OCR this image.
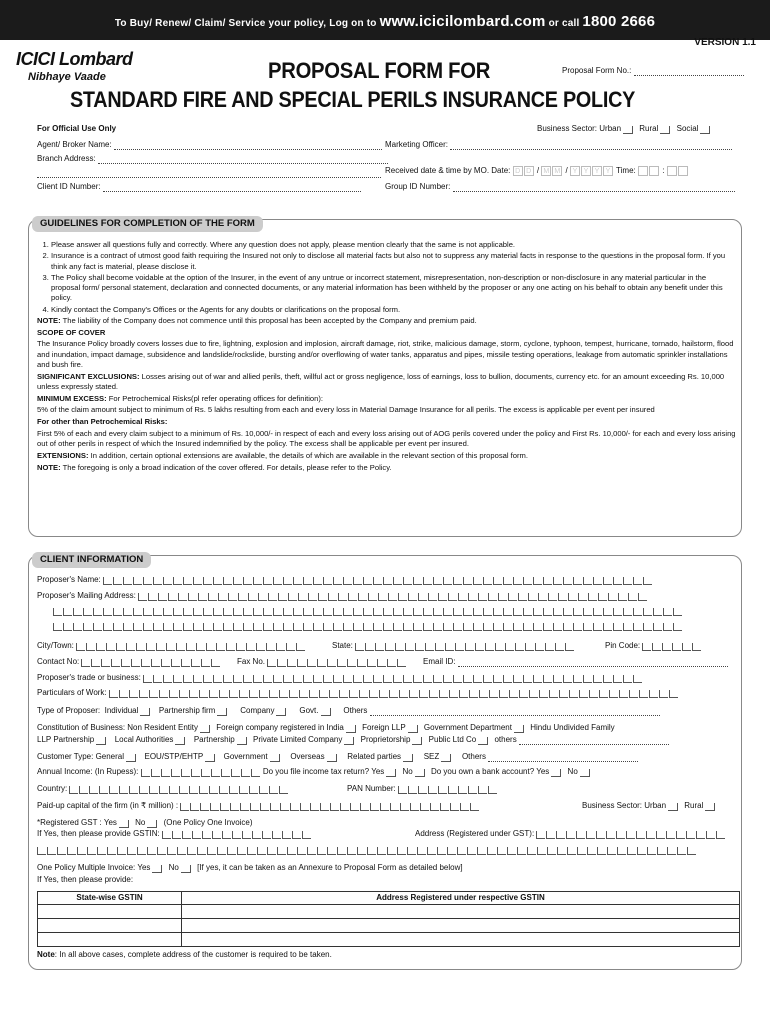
To Buy/ Renew/ Claim/ Service your policy, Log on to www.icicilombard.com or call 1800 2666
VERSION 1.1
ICICI Lombard
Nibhaye Vaade	PROPOSAL FORM FOR	Proposal Form No.:
STANDARD FIRE AND SPECIAL PERILS INSURANCE POLICY
For Official Use Only	Business Sector: Urban Rural Social
Agent/ Broker Name:	Marketing Officer:
Branch Address:
Received date & time by MO. Date: D D / M M / Y Y Y Y Time:	:
Client ID Number:	Group ID Number:
GUIDELINES FOR COMPLETION OF THE FORM
1. Please answer all questions fully and correctly. Where any question does not apply, please mention clearly that the same is not applicable.
2. Insurance is a contract of utmost good faith requiring the Insured not only to disclose all material facts but also not to suppress any material facts in response to the questions in the proposal form. If you think any fact is material, please disclose it.
3. The Policy shall become voidable at the option of the Insurer, in the event of any untrue or incorrect statement, misrepresentation, non-description or non-disclosure in any material particular in the proposal form/ personal statement, declaration and connected documents, or any material information has been withheld by the proposer or any one acting on his behalf to obtain any benefit under this policy.
4. Kindly contact the Company's Offices or the Agents for any doubts or clarifications on the proposal form.

NOTE: The liability of the Company does not commence until this proposal has been accepted by the Company and premium paid.

SCOPE OF COVER

The Insurance Policy broadly covers losses due to fire, lightning, explosion and implosion, aircraft damage, riot, strike, malicious damage, storm, cyclone, typhoon, tempest, hurricane, tornado, hailstorm, flood and inundation, impact damage, subsidence and landslide/rockslide, bursting and/or overflowing of water tanks, apparatus and pipes, missile testing operations, leakage from automatic sprinkler installations and bush fire.

SIGNIFICANT EXCLUSIONS: Losses arising out of war and allied perils, theft, willful act or gross negligence, loss of earnings, loss to bullion, documents, currency etc. for an amount exceeding Rs. 10,000 unless expressly stated.

MINIMUM EXCESS: For Petrochemical Risks(pl refer operating offices for definition):

5% of the claim amount subject to minimum of Rs. 5 lakhs resulting from each and every loss in Material Damage Insurance for all perils. The excess is applicable per event per insured

For other than Petrochemical Risks:

First 5% of each and every claim subject to a minimum of Rs. 10,000/- in respect of each and every loss arising out of AOG perils covered under the policy and First Rs. 10,000/- for each and every loss arising out of other perils in respect of which the Insured indemnified by the policy. The excess shall be applicable per event per insured.

EXTENSIONS: In addition, certain optional extensions are available, the details of which are available in the relevant section of this proposal form.

NOTE: The foregoing is only a broad indication of the cover offered. For details, please refer to the Policy.

CLIENT INFORMATION
Proposer's Name:
Proposer's Mailing Address:
City/Town:	State:	Pin Code:
Contact No:	Fax No.	Email ID:
Proposer's trade or business:
Particulars of Work:
Type of Proposer: Individual	Partnership firm	Company	Govt.	Others
Constitution of Business: Non Resident Entity Foreign company registered in India Foreign LLP Government Department Hindu Undivided Family
LLP Partnership	Local Authorities	Partnership Private Limited Company Proprietorship Public Ltd Co others
Customer Type: General	EOU/STP/EHTP	Government	Overseas	Related parties	SEZ	Others
Annual Income: (In Rupess):	Do you file income tax return? Yes No Do you own a bank account? Yes No
Country:	PAN Number:
Paid-up capital of the firm (in ₹ million) :	Business Sector: Urban Rural
*Registered GST : Yes No (One Policy One Invoice)
If Yes, then please provide GSTIN:	Address (Registered under GST):
One Policy Multiple Invoice: Yes No [If yes, it can be taken as an Annexure to Proposal Form as detailed below]
If Yes, then please provide:
State-wise GSTIN	Address Registered under respective GSTIN

Note: In all above cases, complete address of the customer is required to be taken.
